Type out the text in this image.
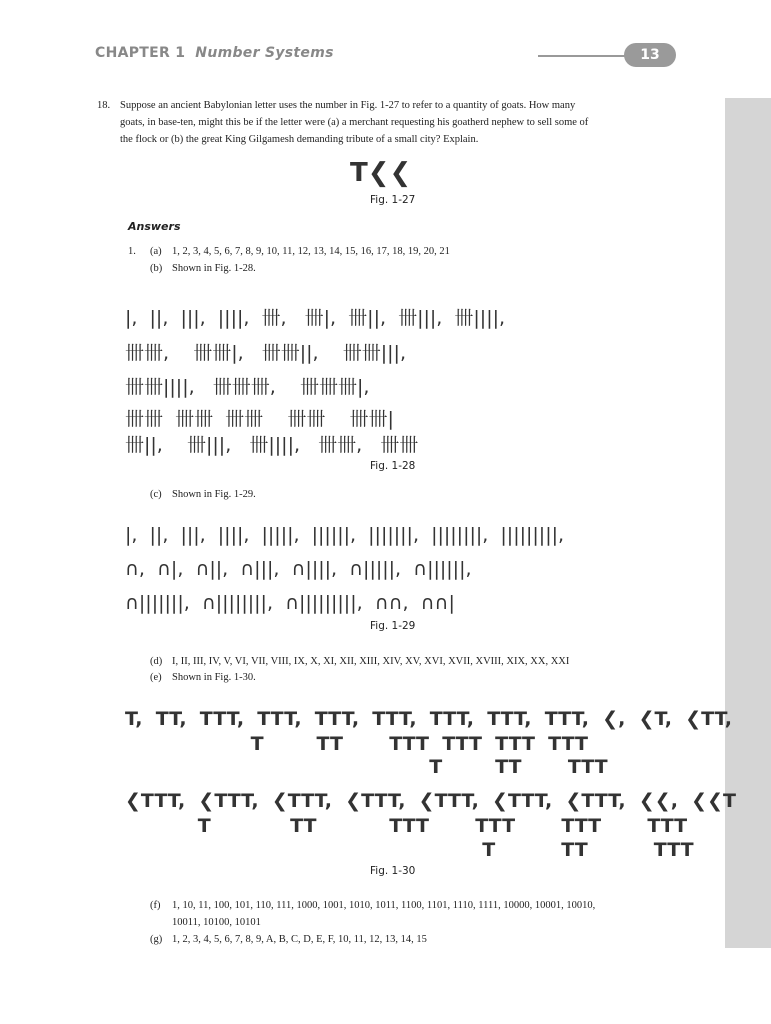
CHAPTER 1 Number Systems	13
18. Suppose an ancient Babylonian letter uses the number in Fig. 1-27 to refer to a quantity of goats. How many
goats, in base-ten, might this be if the letter were (a) a merchant requesting his goatherd nephew to sell some of
the flock or (b) the great King Gilgamesh demanding tribute of a small city? Explain.
T❮❮
Fig. 1-27
Answers
1. (a) 1, 2, 3, 4, 5, 6, 7, 8, 9, 10, 11, 12, 13, 14, 15, 16, 17, 18, 19, 20, 21
(b) Shown in Fig. 1-28.
|,  ||,  |||,  ||||,  卌,   卌|,  卌||,  卌|||,  卌||||,
卌卌,    卌卌|,   卌卌||,    卌卌|||,
卌卌||||,   卌卌卌,    卌卌卌|,
卌卌  卌卌  卌卌    卌卌    卌卌|
卌||,    卌|||,   卌||||,   卌卌,   卌卌
Fig. 1-28
(c) Shown in Fig. 1-29.
|,  ||,  |||,  ||||,  |||||,  ||||||,  |||||||,  ||||||||,  |||||||||,
∩,  ∩|,  ∩||,  ∩|||,  ∩||||,  ∩|||||,  ∩||||||,
∩|||||||,  ∩||||||||,  ∩|||||||||,  ∩∩,  ∩∩|
Fig. 1-29
(d) I, II, III, IV, V, VI, VII, VIII, IX, X, XI, XII, XIII, XIV, XV, XVI, XVII, XVIII, XIX, XX, XXI
(e) Shown in Fig. 1-30.
T,  TT,  TTT,  TTT,  TTT,  TTT,  TTT,  TTT,  TTT,  ❮,  ❮T,  ❮TT,
T        TT       TTT  TTT  TTT  TTT
T        TT       TTT
❮TTT,  ❮TTT,  ❮TTT,  ❮TTT,  ❮TTT,  ❮TTT,  ❮TTT,  ❮❮,  ❮❮T
T            TT           TTT       TTT       TTT       TTT
T          TT          TTT
Fig. 1-30
(f) 1, 10, 11, 100, 101, 110, 111, 1000, 1001, 1010, 1011, 1100, 1101, 1110, 1111, 10000, 10001, 10010,
10011, 10100, 10101
(g) 1, 2, 3, 4, 5, 6, 7, 8, 9, A, B, C, D, E, F, 10, 11, 12, 13, 14, 15
